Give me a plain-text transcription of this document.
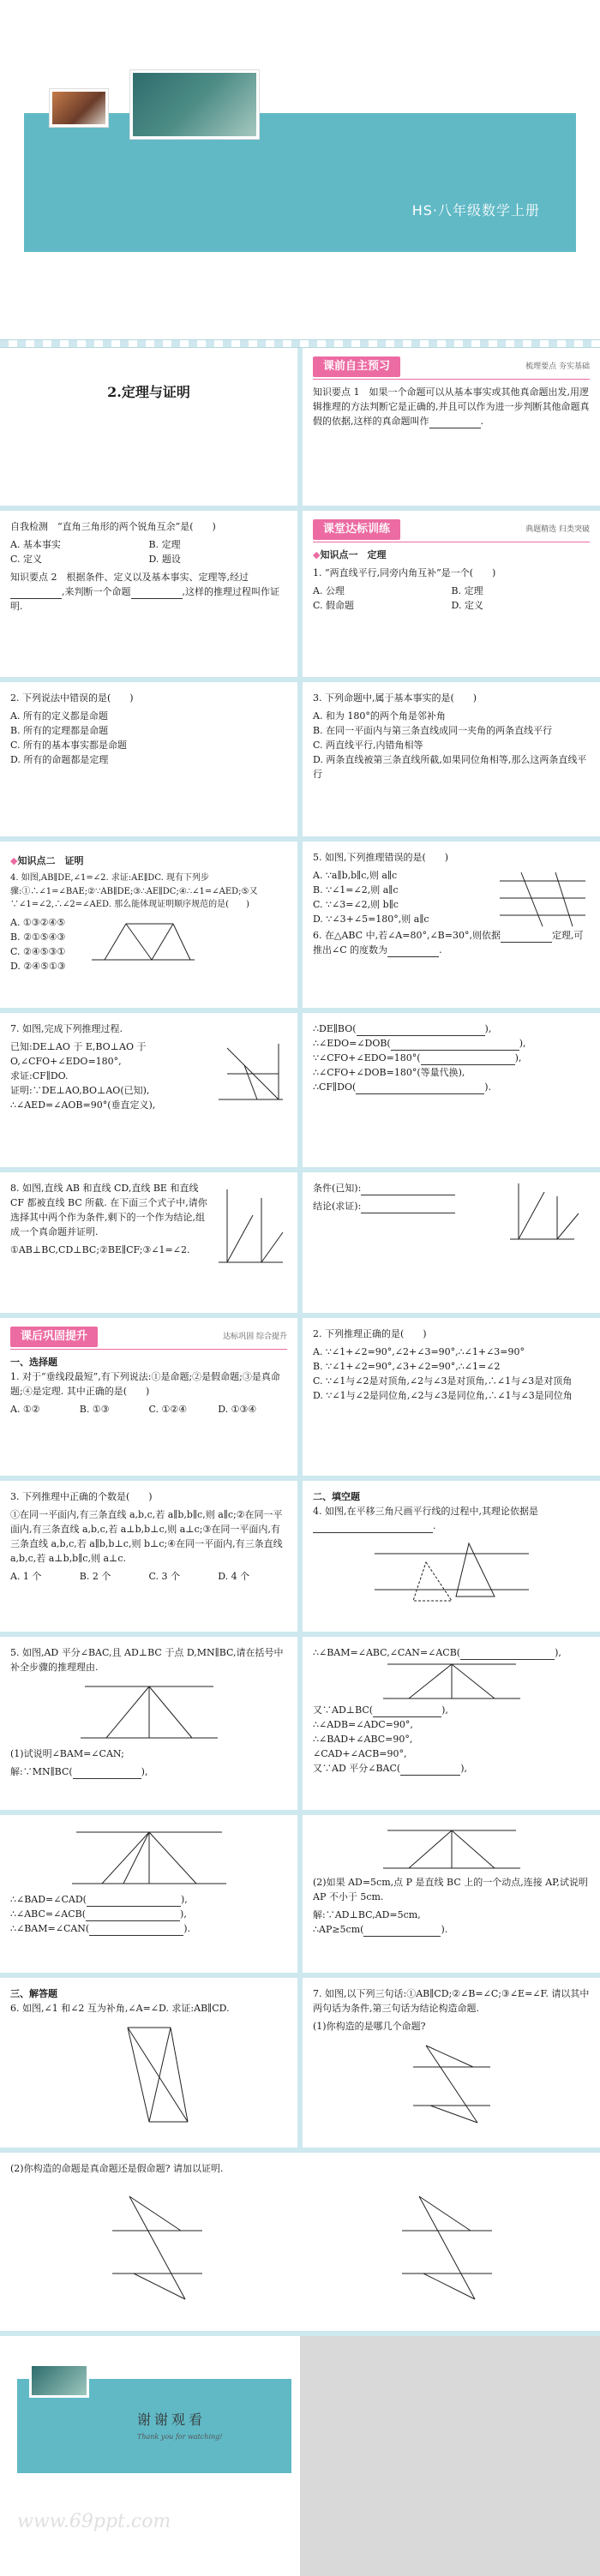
HS·八年级数学上册
2.定理与证明
课前自主预习	梳理要点 夯实基础
知识要点 1　如果一个命题可以从基本事实或其他真命题出发,用逻辑推理的方法判断它是正确的,并且可以作为进一步判断其他命题真假的依据,这样的真命题叫作	.
自我检测　“直角三角形的两个锐角互余”是(　　)
A. 基本事实	B. 定理
C. 定义	D. 题设
知识要点 2　根据条件、定义以及基本事实、定理等,经过,来判断一个命题	,这样的推理过程叫作证明.
课堂达标训练	典题精选 归类突破
◆知识点一　定理
1. “两直线平行,同旁内角互补”是一个(　　)
A. 公理	B. 定理
C. 假命题	D. 定义
2. 下列说法中错误的是(　　)
A. 所有的定义都是命题
B. 所有的定理都是命题
C. 所有的基本事实都是命题
D. 所有的命题都是定理
3. 下列命题中,属于基本事实的是(　　)
A. 和为 180°的两个角是邻补角
B. 在同一平面内与第三条直线成同一夹角的两条直线平行
C. 两直线平行,内错角相等
D. 两条直线被第三条直线所截,如果同位角相等,那么这两条直线平行
◆知识点二　证明
4. 如图,AB∥DE,∠1=∠2. 求证:AE∥DC. 现有下列步骤:①∴∠1=∠BAE;②∵AB∥DE;③∴AE∥DC;④∴∠1=∠AED;⑤又∵∠1=∠2,∴∠2=∠AED. 那么能体现证明顺序规范的是(　　)
A. ①③②④⑤
B. ②①⑤④③
C. ②④⑤③①
D. ②④⑤①③
5. 如图,下列推理错误的是(　　)
A. ∵a∥b,b∥c,则 a∥c
B. ∵∠1=∠2,则 a∥c
C. ∵∠3=∠2,则 b∥c
D. ∵∠3+∠5=180°,则 a∥c
6. 在△ABC 中,若∠A=80°,∠B=30°,则依据	定理,可推出∠C 的度数为	.
7. 如图,完成下列推理过程.
已知:DE⊥AO 于 E,BO⊥AO 于 O,∠CFO+∠EDO=180°,
求证:CF∥DO.
证明:∵DE⊥AO,BO⊥AO(已知),
∴∠AED=∠AOB=90°(垂直定义),
∴DE∥BO(	),
∴∠EDO=∠DOB(	),
∵∠CFO+∠EDO=180°(	),
∴∠CFO+∠DOB=180°(等量代换),
∴CF∥DO(	).
8. 如图,直线 AB 和直线 CD,直线 BE 和直线 CF 都被直线 BC 所截. 在下面三个式子中,请你选择其中两个作为条件,剩下的一个作为结论,组成一个真命题并证明.
①AB⊥BC,CD⊥BC;②BE∥CF;③∠1=∠2.
条件(已知):
结论(求证):
课后巩固提升	达标巩固 综合提升
一、选择题
1. 对于“垂线段最短”,有下列说法:①是命题;②是假命题;③是真命题;④是定理. 其中正确的是(　　)
A. ①②	B. ①③	C. ①②④	D. ①③④
2. 下列推理正确的是(　　)
A. ∵∠1+∠2=90°,∠2+∠3=90°,∴∠1+∠3=90°
B. ∵∠1+∠2=90°,∠3+∠2=90°,∴∠1=∠2
C. ∵∠1与∠2是对顶角,∠2与∠3是对顶角,∴∠1与∠3是对顶角
D. ∵∠1与∠2是同位角,∠2与∠3是同位角,∴∠1与∠3是同位角
3. 下列推理中正确的个数是(　　)
①在同一平面内,有三条直线 a,b,c,若 a∥b,b∥c,则 a∥c;②在同一平面内,有三条直线 a,b,c,若 a⊥b,b⊥c,则 a⊥c;③在同一平面内,有三条直线 a,b,c,若 a∥b,b⊥c,则 b⊥c;④在同一平面内,有三条直线 a,b,c,若 a⊥b,b∥c,则 a⊥c.
A. 1 个	B. 2 个	C. 3 个	D. 4 个
二、填空题
4. 如图,在平移三角尺画平行线的过程中,其理论依据是.
5. 如图,AD 平分∠BAC,且 AD⊥BC 于点 D,MN∥BC,请在括号中补全步骤的推理理由.
(1)试说明∠BAM=∠CAN;
解:∵MN∥BC(	),
∴∠BAM=∠ABC,∠CAN=∠ACB(	),
又∵AD⊥BC(	),
∴∠ADB=∠ADC=90°,
∴∠BAD+∠ABC=90°,
∠CAD+∠ACB=90°,
又∵AD 平分∠BAC(	),
∴∠BAD=∠CAD(	),
∴∠ABC=∠ACB(	),
∴∠BAM=∠CAN(	).
(2)如果 AD=5cm,点 P 是直线 BC 上的一个动点,连接 AP,试说明 AP 不小于 5cm.
解:∵AD⊥BC,AD=5cm,
∴AP≥5cm(	).
三、解答题
6. 如图,∠1 和∠2 互为补角,∠A=∠D. 求证:AB∥CD.
7. 如图,以下列三句话:①AB∥CD;②∠B=∠C;③∠E=∠F. 请以其中两句话为条件,第三句话为结论构造命题.
(1)你构造的是哪几个命题?
(2)你构造的命题是真命题还是假命题? 请加以证明.
谢谢观看
Thank you for watching!
www.69ppt.com
